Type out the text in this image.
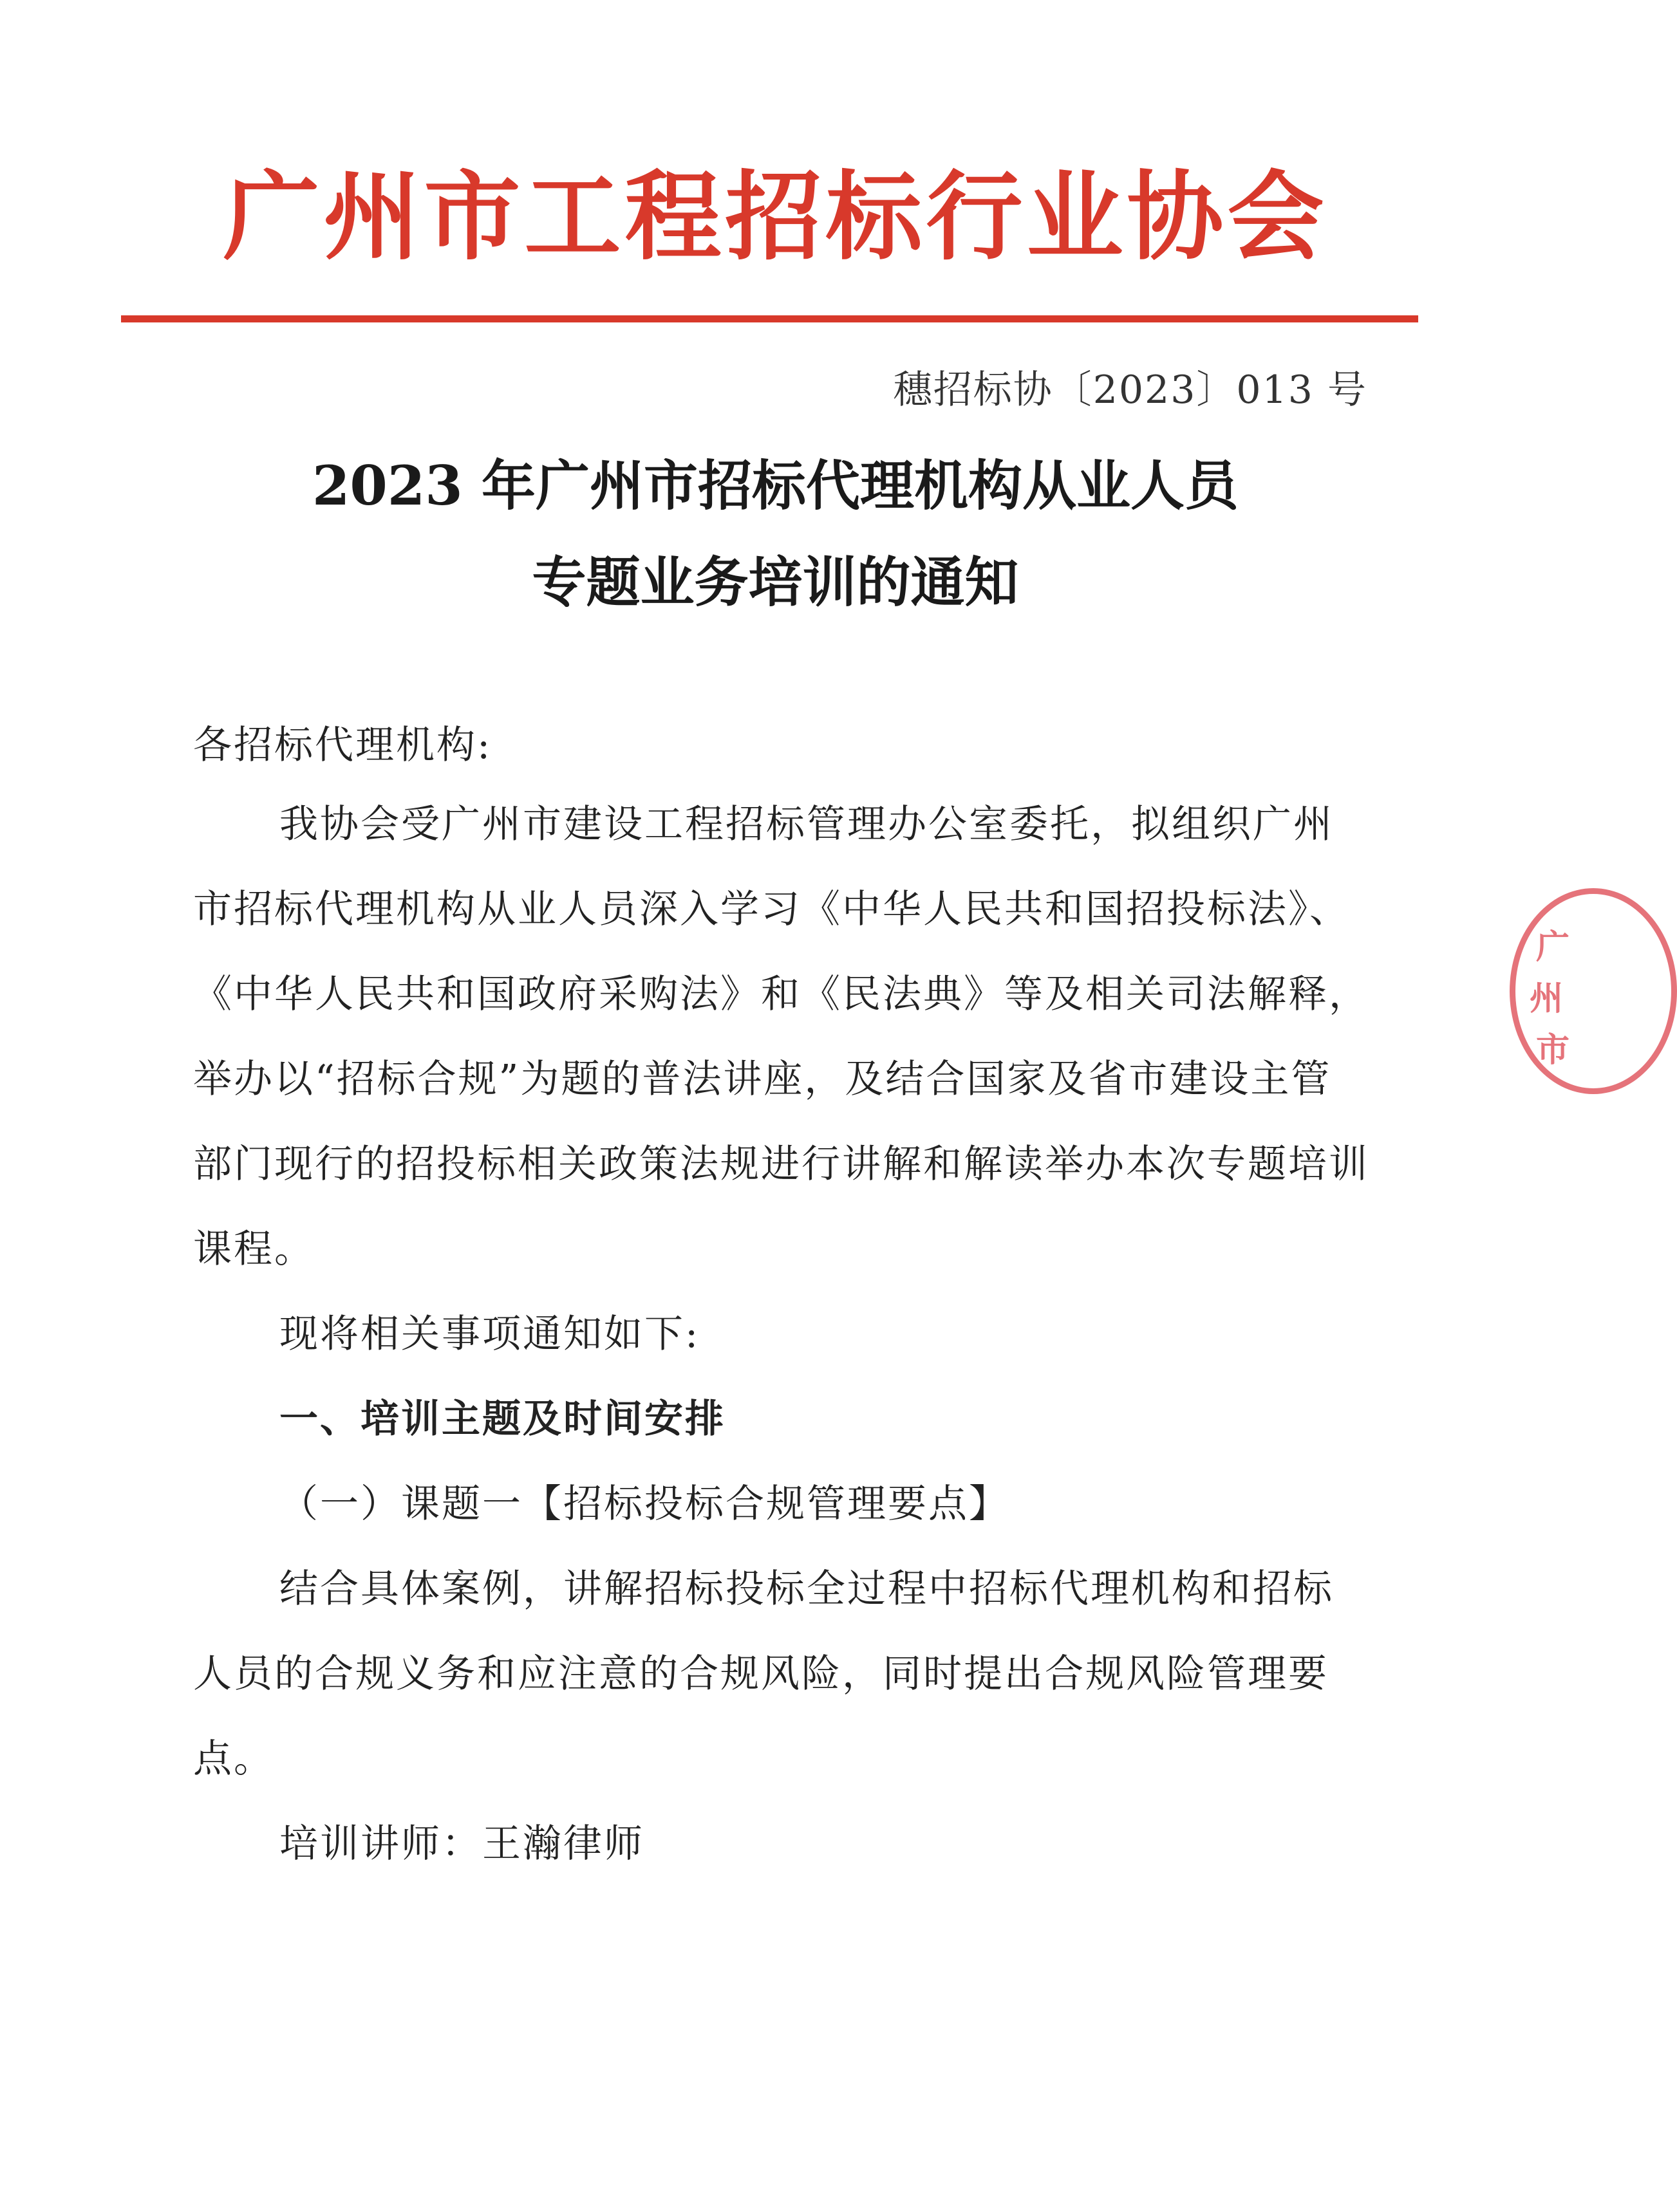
广州市工程招标行业协会
穗招标协〔2023〕013 号
2023 年广州市招标代理机构从业人员
专题业务培训的通知
各招标代理机构:

我协会受广州市建设工程招标管理办公室委托，拟组织广州市招标代理机构从业人员深入学习《中华人民共和国招投标法》、《中华人民共和国政府采购法》和《民法典》等及相关司法解释，举办以“招标合规”为题的普法讲座，及结合国家及省市建设主管部门现行的招投标相关政策法规进行讲解和解读举办本次专题培训课程。

现将相关事项通知如下:

一、培训主题及时间安排

（一）课题一【招标投标合规管理要点】

结合具体案例，讲解招标投标全过程中招标代理机构和招标人员的合规义务和应注意的合规风险，同时提出合规风险管理要点。

培训讲师：王瀚律师

广
州
市
